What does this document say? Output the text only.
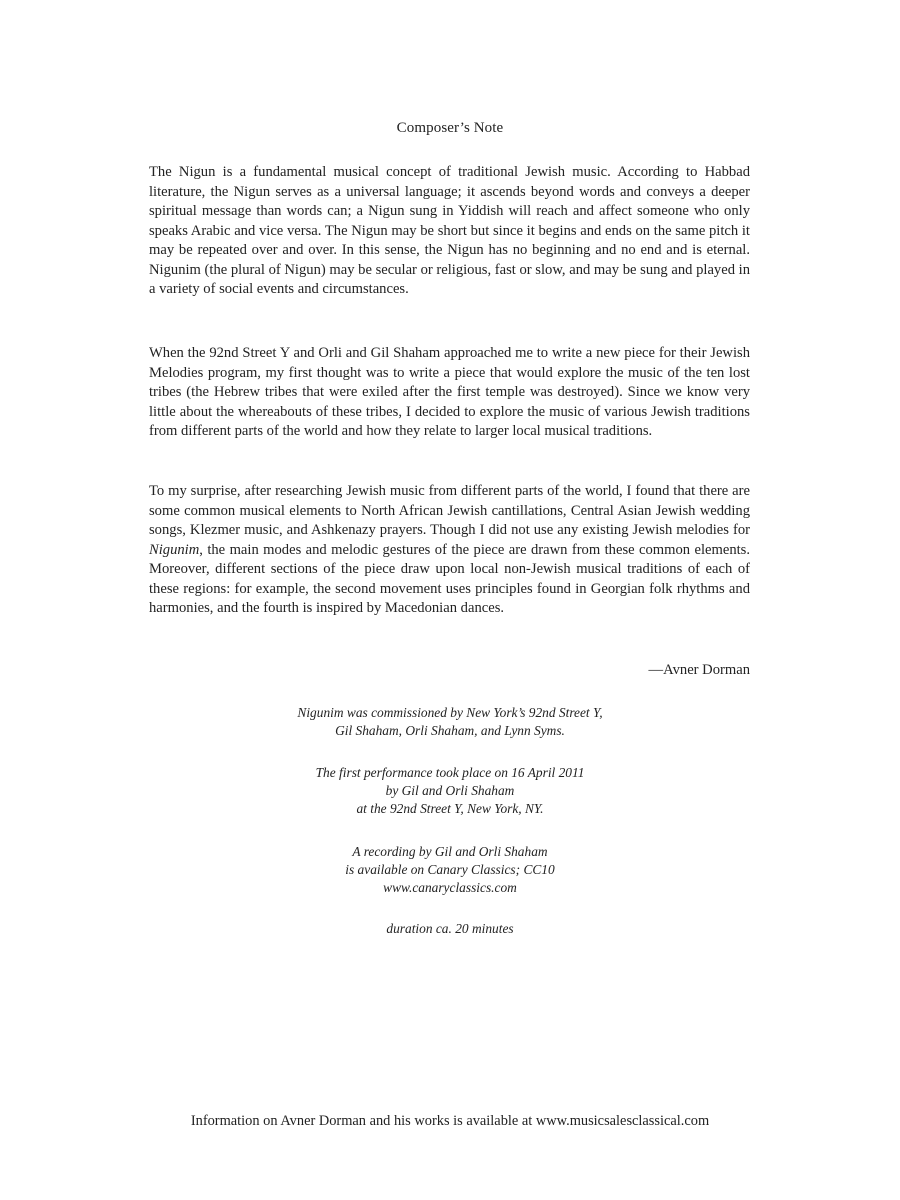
Composer’s Note

The Nigun is a fundamental musical concept of traditional Jewish music. According to Habbad literature, the Nigun serves as a universal language; it ascends beyond words and conveys a deeper spiritual message than words can; a Nigun sung in Yiddish will reach and affect someone who only speaks Arabic and vice versa. The Nigun may be short but since it begins and ends on the same pitch it may be repeated over and over. In this sense, the Nigun has no beginning and no end and is eternal. Nigunim (the plural of Nigun) may be secular or religious, fast or slow, and may be sung and played in a variety of social events and circumstances.

When the 92nd Street Y and Orli and Gil Shaham approached me to write a new piece for their Jewish Melodies program, my first thought was to write a piece that would explore the music of the ten lost tribes (the Hebrew tribes that were exiled after the first temple was destroyed). Since we know very little about the whereabouts of these tribes, I decided to explore the music of various Jewish traditions from different parts of the world and how they relate to larger local musical traditions.

To my surprise, after researching Jewish music from different parts of the world, I found that there are some common musical elements to North African Jewish cantillations, Central Asian Jewish wedding songs, Klezmer music, and Ashkenazy prayers. Though I did not use any existing Jewish melodies for Nigunim, the main modes and melodic gestures of the piece are drawn from these common elements. Moreover, different sections of the piece draw upon local non-Jewish musical traditions of each of these regions: for example, the second movement uses principles found in Georgian folk rhythms and harmonies, and the fourth is inspired by Macedonian dances.

—Avner Dorman
Nigunim was commissioned by New York’s 92nd Street Y,
Gil Shaham, Orli Shaham, and Lynn Syms.
The first performance took place on 16 April 2011
by Gil and Orli Shaham
at the 92nd Street Y, New York, NY.
A recording by Gil and Orli Shaham
is available on Canary Classics; CC10
www.canaryclassics.com
duration ca. 20 minutes
Information on Avner Dorman and his works is available at www.musicsalesclassical.com
